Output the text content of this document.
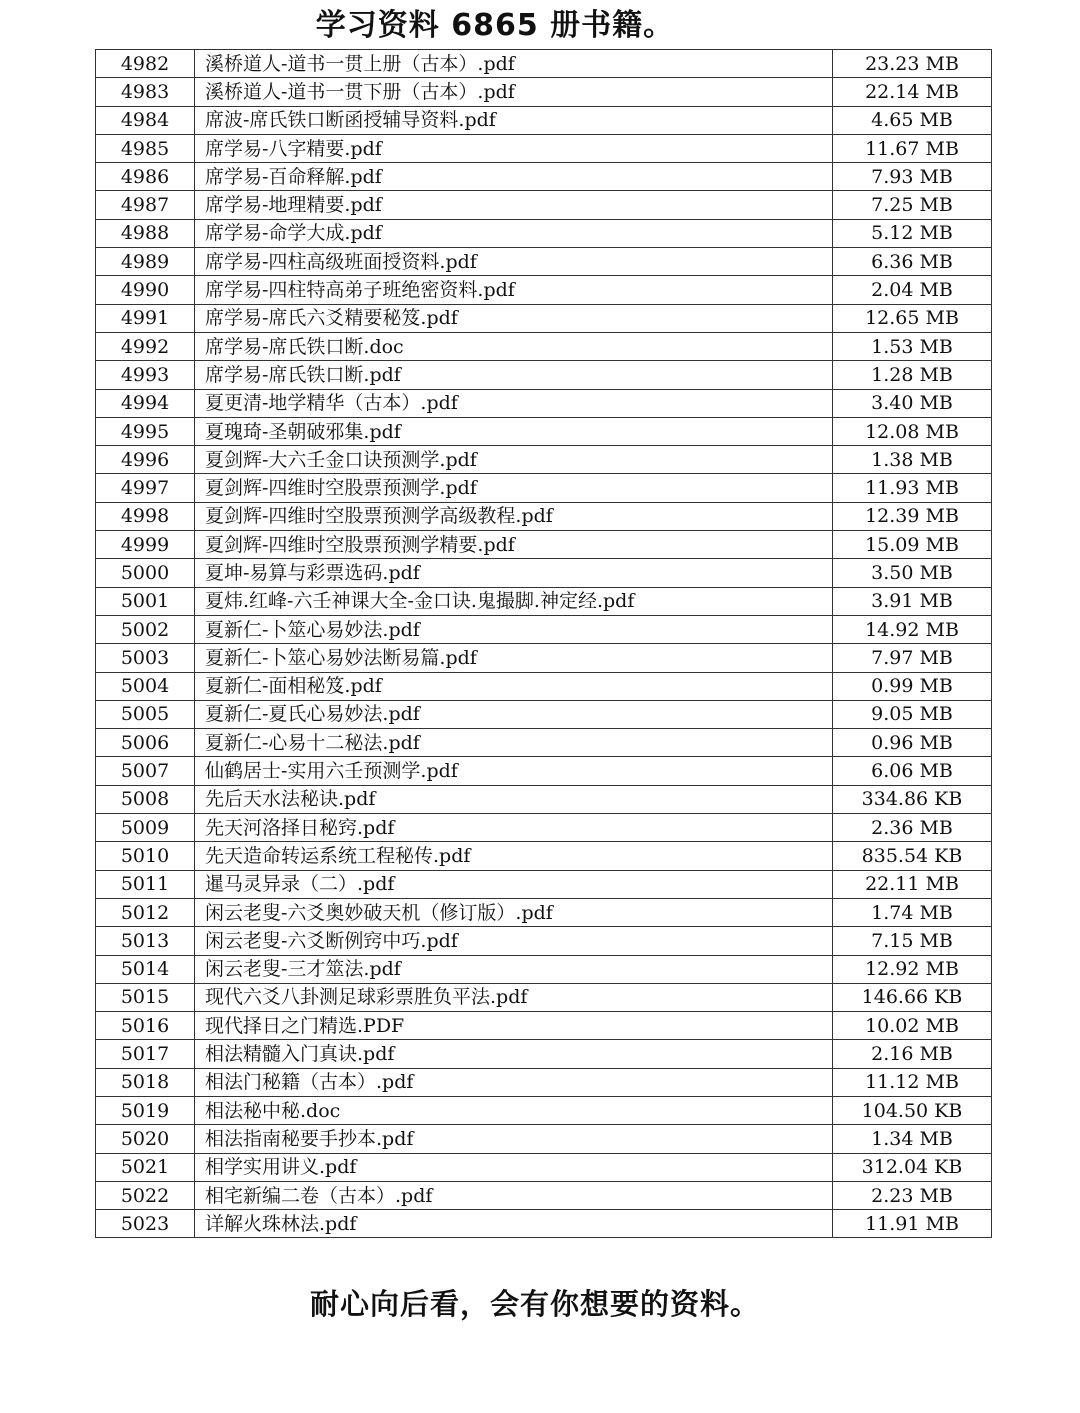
学习资料 6865 册书籍。
4982	溪桥道人-道书一贯上册（古本）.pdf	23.23 MB
4983	溪桥道人-道书一贯下册（古本）.pdf	22.14 MB
4984	席波-席氏铁口断函授辅导资料.pdf	4.65 MB
4985	席学易-八字精要.pdf	11.67 MB
4986	席学易-百命释解.pdf	7.93 MB
4987	席学易-地理精要.pdf	7.25 MB
4988	席学易-命学大成.pdf	5.12 MB
4989	席学易-四柱高级班面授资料.pdf	6.36 MB
4990	席学易-四柱特高弟子班绝密资料.pdf	2.04 MB
4991	席学易-席氏六爻精要秘笈.pdf	12.65 MB
4992	席学易-席氏铁口断.doc	1.53 MB
4993	席学易-席氏铁口断.pdf	1.28 MB
4994	夏更清-地学精华（古本）.pdf	3.40 MB
4995	夏瑰琦-圣朝破邪集.pdf	12.08 MB
4996	夏剑辉-大六壬金口诀预测学.pdf	1.38 MB
4997	夏剑辉-四维时空股票预测学.pdf	11.93 MB
4998	夏剑辉-四维时空股票预测学高级教程.pdf	12.39 MB
4999	夏剑辉-四维时空股票预测学精要.pdf	15.09 MB
5000	夏坤-易算与彩票选码.pdf	3.50 MB
5001	夏炜.红峰-六壬神课大全-金口诀.鬼撮脚.神定经.pdf	3.91 MB
5002	夏新仁-卜筮心易妙法.pdf	14.92 MB
5003	夏新仁-卜筮心易妙法断易篇.pdf	7.97 MB
5004	夏新仁-面相秘笈.pdf	0.99 MB
5005	夏新仁-夏氏心易妙法.pdf	9.05 MB
5006	夏新仁-心易十二秘法.pdf	0.96 MB
5007	仙鹤居士-实用六壬预测学.pdf	6.06 MB
5008	先后天水法秘诀.pdf	334.86 KB
5009	先天河洛择日秘窍.pdf	2.36 MB
5010	先天造命转运系统工程秘传.pdf	835.54 KB
5011	暹马灵异录（二）.pdf	22.11 MB
5012	闲云老叟-六爻奥妙破天机（修订版）.pdf	1.74 MB
5013	闲云老叟-六爻断例窍中巧.pdf	7.15 MB
5014	闲云老叟-三才筮法.pdf	12.92 MB
5015	现代六爻八卦测足球彩票胜负平法.pdf	146.66 KB
5016	现代择日之门精选.PDF	10.02 MB
5017	相法精髓入门真诀.pdf	2.16 MB
5018	相法门秘籍（古本）.pdf	11.12 MB
5019	相法秘中秘.doc	104.50 KB
5020	相法指南秘要手抄本.pdf	1.34 MB
5021	相学实用讲义.pdf	312.04 KB
5022	相宅新编二卷（古本）.pdf	2.23 MB
5023	详解火珠林法.pdf	11.91 MB
耐心向后看，会有你想要的资料。
